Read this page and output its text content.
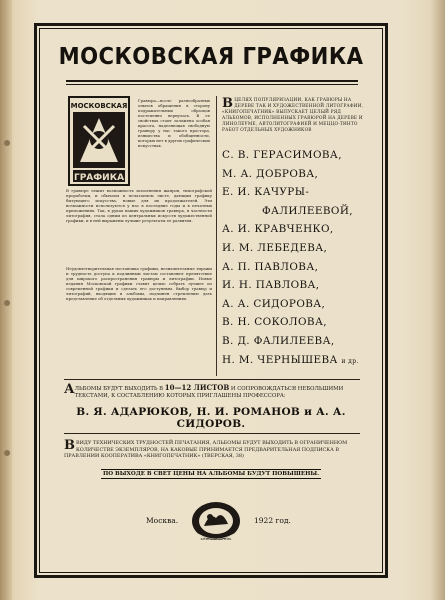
МОСКОВСКАЯ ГРАФИКА
МОСКОВСКАЯ
ГРАФИКА
Гравюра—после разнообразных опытов обращения в сторону подражательных образцов постепенно вернулась. В ее свойствах стоит заложена особая красота, наделяющая свободную гравюру у нас такого простора, изящества и обобщенности, которых нет в других графических искусствах.
В гравюре лежит возможность исполнения жанров, типографской проработки, и обычаем в печатаемом листе, дающим графику бытующего искусства, новые для их продолжателей. Эти возможности используются у нас в последние годы и в печатных приложениях. Так, в руках наших художников гравюра, в частности литография, стала одним из центральных искусств художественной графики, и в ней выражены лучшие результаты ее развития.
Неудовлетворительная постановка графики, незначительные тиражи и трудность доступа к подлинным листам составляют препятствие для широкого распространения гравюры и литографии. Новые издания Московской графики ставят целью собрать лучшее из современной графики и сделать его доступным. Выбор гравюр и литографий, входящих в альбомы, подчинен стремлению дать представление об отдельных художниках и направлениях.
ВЦЕЛЯХ ПОПУЛЯРИЗАЦИИ, КАК ГРАВЮРЫ НА ДЕРЕВЕ ТАК И ХУДОЖЕСТВЕННОЙ ЛИТОГРАФИИ, «КНИГОПЕЧАТНИК» ВЫПУСКАЕТ ЦЕЛЫЙ РЯД АЛЬБОМОВ, ИСПОЛНЕННЫХ ГРАВЮРОЙ НА ДЕРЕВЕ И ЛИНОЛЕУМЕ, АВТОЛИТОГРАФИЕЙ И МЕЦЦО-ТИНТО РАБОТ ОТДЕЛЬНЫХ ХУДОЖНИКОВ
С. В. ГЕРАСИМОВА,
М. А. ДОБРОВА,
Е. И. КАЧУРЫ-
ФАЛИЛЕЕВОЙ,
А. И. КРАВЧЕНКО,
И. М. ЛЕБЕДЕВА,
А. П. ПАВЛОВА,
И. Н. ПАВЛОВА,
А. А. СИДОРОВА,
В. Н. СОКОЛОВА,
В. Д. ФАЛИЛЕЕВА,
Н. М. ЧЕРНЫШЕВА и др.
АЛЬБОМЫ БУДУТ ВЫХОДИТЬ В 10—12 ЛИСТОВ И СОПРОВОЖДАТЬСЯ НЕБОЛЬШИМИ ТЕКСТАМИ, К СОСТАБЛЕНИЮ КОТОРЫХ ПРИГЛАШЕНЫ ПРОФЕССОРА:
В. Я. АДАРЮКОВ, Н. И. РОМАНОВ и А. А. СИДОРОВ.
ВВИДУ ТЕХНИЧЕСКИХ ТРУДНОСТЕЙ ПЕЧАТАНИЯ, АЛЬБОМЫ БУДУТ ВЫХОДИТЬ В ОГРАНИЧЕННОМ КОЛИЧЕСТВЕ ЭКЗЕМПЛЯРОВ, НА КАКОВЫЕ ПРИНИМАЕТСЯ ПРЕДВАРИТЕЛЬНАЯ ПОДПИСКА В ПРАВЛЕНИИ КООПЕРАТИВА «КНИГОПЕЧАТНИК» (ТВЕРСКАЯ, 38)
ПО ВЫХОДЕ В СВЕТ ЦЕНЫ НА АЛЬБОМЫ БУДУТ ПОВЫШЕНЫ.
Москва.
КНИГОПЕЧАТНИК
1922 год.
